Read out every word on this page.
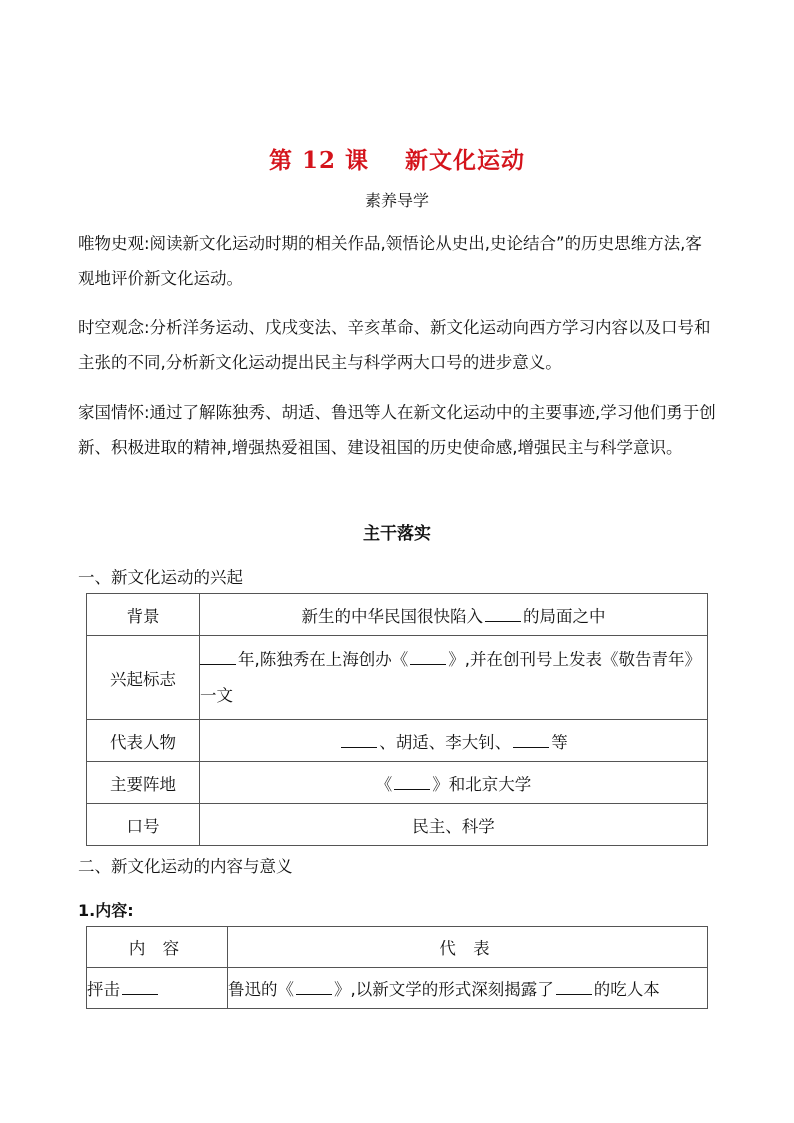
第 12 课 新文化运动
素养导学

唯物史观:阅读新文化运动时期的相关作品,领悟论从史出,史论结合”的历史思维方法,客观地评价新文化运动。

时空观念:分析洋务运动、戊戌变法、辛亥革命、新文化运动向西方学习内容以及口号和主张的不同,分析新文化运动提出民主与科学两大口号的进步意义。

家国情怀:通过了解陈独秀、胡适、鲁迅等人在新文化运动中的主要事迹,学习他们勇于创新、积极进取的精神,增强热爱祖国、建设祖国的历史使命感,增强民主与科学意识。

主干落实
一、新文化运动的兴起
背景	新生的中华民国很快陷入 的局面之中
兴起标志	年,陈独秀在上海创办《 》,并在创刊号上发表《敬告青年》一文
代表人物	、胡适、李大钊、 等
主要阵地	《 》和北京大学
口号	民主、科学
二、新文化运动的内容与意义
1.内容:
内 容	代 表
抨击	鲁迅的《 》,以新文学的形式深刻揭露了 的吃人本
